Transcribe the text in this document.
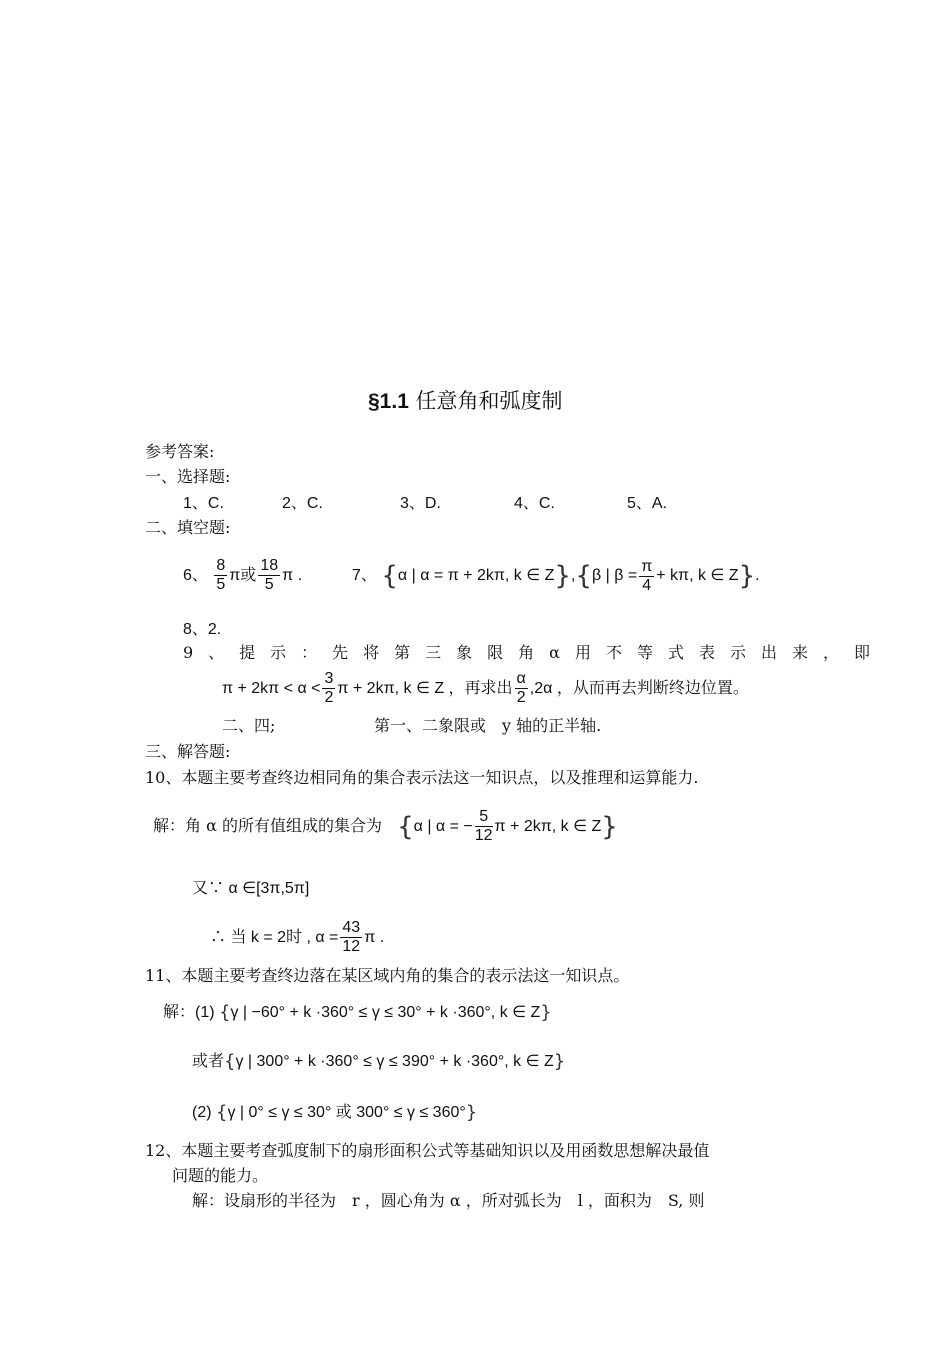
§1.1 任意角和弧度制
参考答案:
一、选择题:
1、C.	2、C.	3、D.	4、C.	5、A.
二、填空题:
6、 $\frac{8}{5}$ π或 $\frac{18}{5}$ π .	7、 {α | α = π + 2kπ, k ∈ Z},{β | $\beta = \frac{\pi}{4} + k\pi$, k ∈ Z}.
8、2.
9、提示：先将第三象限角α用不等式表示出来，即
$\pi + 2k\pi < \alpha < \frac{3}{2}$ π + 2kπ, k ∈ Z ，再求出 $\frac{\alpha}{2} ,2\alpha$ ，从而再去判断终边位置。
二、四;	第一、二象限或　y 轴的正半轴.
三、解答题:
10、本题主要考查终边相同角的集合表示法这一知识点，以及推理和运算能力.
解：角 α 的所有值组成的集合为 {α | α = − $\frac{5}{12}$ π + 2kπ, k ∈ Z}
又∵ α ∈[3π,5π]
∴ 当 k = 2时 , $\alpha = \frac{43}{12}$ π .
11、本题主要考查终边落在某区域内角的集合的表示法这一知识点。
解：(1) {γ | −60° + k ·360° ≤ γ ≤ 30° + k ·360°, k ∈ Z}
或者{γ | 300° + k ·360° ≤ γ ≤ 390° + k ·360°, k ∈ Z}
(2) {γ | 0° ≤ γ ≤ 30° 或 300° ≤ γ ≤ 360°}
12、本题主要考查弧度制下的扇形面积公式等基础知识以及用函数思想解决最值
问题的能力。
解：设扇形的半径为　r ，圆心角为 α ，所对弧长为　l ，面积为　S, 则
